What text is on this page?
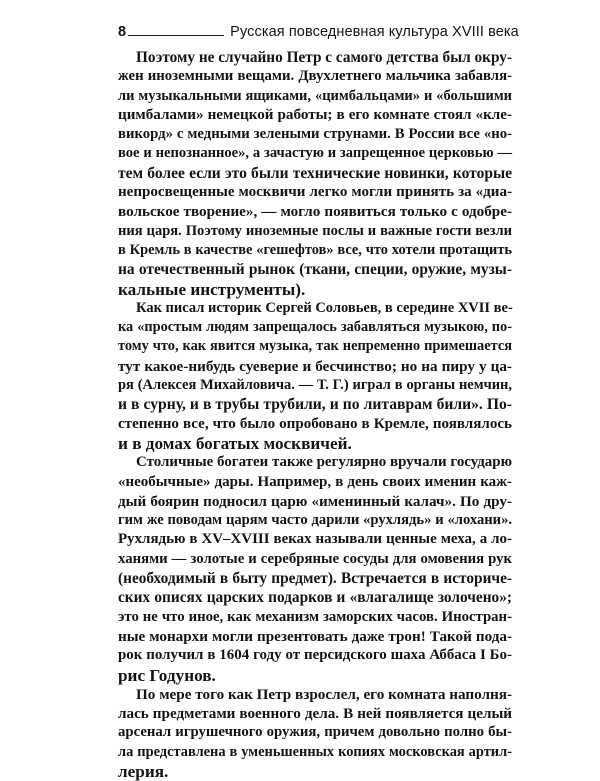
8	Русская повседневная культура XVIII века
Поэтому не случайно Петр с самого детства был окру-
жен иноземными вещами. Двухлетнего мальчика забавля-
ли музыкальными ящиками, «цимбальцами» и «большими
цимбалами» немецкой работы; в его комнате стоял «кле-
викорд» с медными зелеными струнами. В России все «но-
вое и непознанное», а зачастую и запрещенное церковью —
тем более если это были технические новинки, которые
непросвещенные москвичи легко могли принять за «диа-
вольское творение», — могло появиться только с одобре-
ния царя. Поэтому иноземные послы и важные гости везли
в Кремль в качестве «гешефтов» все, что хотели протащить
на отечественный рынок (ткани, специи, оружие, музы-
кальные инструменты).
Как писал историк Сергей Соловьев, в середине XVII ве-
ка «простым людям запрещалось забавляться музыкою, по-
тому что, как явится музыка, так непременно примешается
тут какое-нибудь суеверие и бесчинство; но на пиру у ца-
ря (Алексея Михайловича. — Т. Г.) играл в органы немчин,
и в сурну, и в трубы трубили, и по литаврам били». По-
степенно все, что было опробовано в Кремле, появлялось
и в домах богатых москвичей.
Столичные богатеи также регулярно вручали государю
«необычные» дары. Например, в день своих именин каж-
дый боярин подносил царю «именинный калач». По дру-
гим же поводам царям часто дарили «рухлядь» и «лохани».
Рухлядью в XV–XVIII веках называли ценные меха, а ло-
ханями — золотые и серебряные сосуды для омовения рук
(необходимый в быту предмет). Встречается в историче-
ских описях царских подарков и «влагалище золочено»;
это не что иное, как механизм заморских часов. Иностран-
ные монархи могли презентовать даже трон! Такой пода-
рок получил в 1604 году от персидского шаха Аббаса I Бо-
рис Годунов.
По мере того как Петр взрослел, его комната наполня-
лась предметами военного дела. В ней появляется целый
арсенал игрушечного оружия, причем довольно полно бы-
ла представлена в уменьшенных копиях московская артил-
лерия.
